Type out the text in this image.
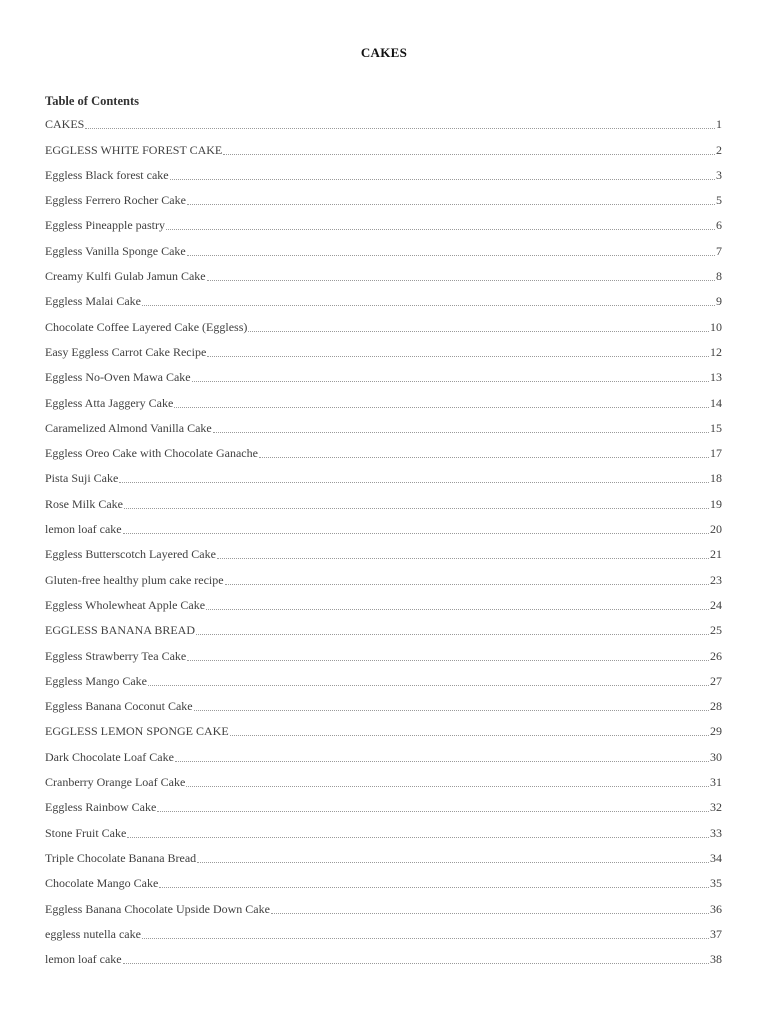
CAKES
Table of Contents
CAKES	1
EGGLESS WHITE FOREST CAKE	2
Eggless Black forest cake	3
Eggless Ferrero Rocher Cake	5
Eggless Pineapple pastry	6
Eggless Vanilla Sponge Cake	7
Creamy Kulfi Gulab Jamun Cake	8
Eggless Malai Cake	9
Chocolate Coffee Layered Cake (Eggless)	10
Easy Eggless Carrot Cake Recipe	12
Eggless No-Oven Mawa Cake	13
Eggless Atta Jaggery Cake	14
Caramelized Almond Vanilla Cake	15
Eggless Oreo Cake with Chocolate Ganache	17
Pista Suji Cake	18
Rose Milk Cake	19
lemon loaf cake	20
Eggless Butterscotch Layered Cake	21
Gluten-free healthy plum cake recipe	23
Eggless Wholewheat Apple Cake	24
EGGLESS BANANA BREAD	25
Eggless Strawberry Tea Cake	26
Eggless Mango Cake	27
Eggless Banana Coconut Cake	28
EGGLESS LEMON SPONGE CAKE	29
Dark Chocolate Loaf Cake	30
Cranberry Orange Loaf Cake	31
Eggless Rainbow Cake	32
Stone Fruit Cake	33
Triple Chocolate Banana Bread	34
Chocolate Mango Cake	35
Eggless Banana Chocolate Upside Down Cake	36
eggless nutella cake	37
lemon loaf cake	38
